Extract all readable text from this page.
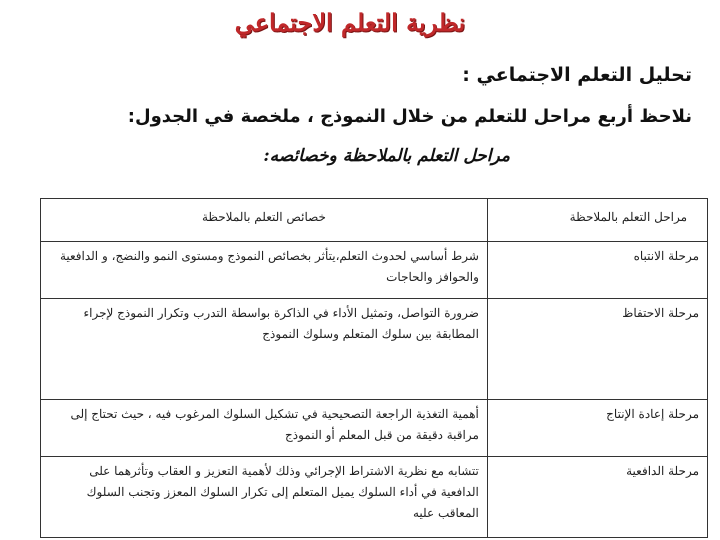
نظرية التعلم الاجتماعي
تحليل التعلم الاجتماعي :
نلاحظ أربع مراحل للتعلم من خلال النموذج ، ملخصة في الجدول:
مراحل التعلم بالملاحظة وخصائصه:
مراحل التعلم بالملاحظة	خصائص التعلم بالملاحظة
مرحلة الانتباه	شرط أساسي لحدوث التعلم،يتأثر بخصائص النموذج ومستوى النمو والنضج، و الدافعية والحوافز والحاجات
مرحلة الاحتفاظ	ضرورة التواصل، وتمثيل الأداء في الذاكرة بواسطة التدرب وتكرار النموذج لإجراء المطابقة بين سلوك المتعلم وسلوك النموذج
مرحلة إعادة الإنتاج	أهمية التغذية الراجعة التصحيحية في تشكيل السلوك المرغوب فيه ، حيث تحتاج إلى مراقبة دقيقة من قبل المعلم أو النموذج
مرحلة الدافعية	تتشابه مع نظرية الاشتراط الإجرائي وذلك لأهمية التعزيز و العقاب وتأثرهما على الدافعية في أداء السلوك يميل المتعلم إلى تكرار السلوك المعزز وتجنب السلوك المعاقب عليه
